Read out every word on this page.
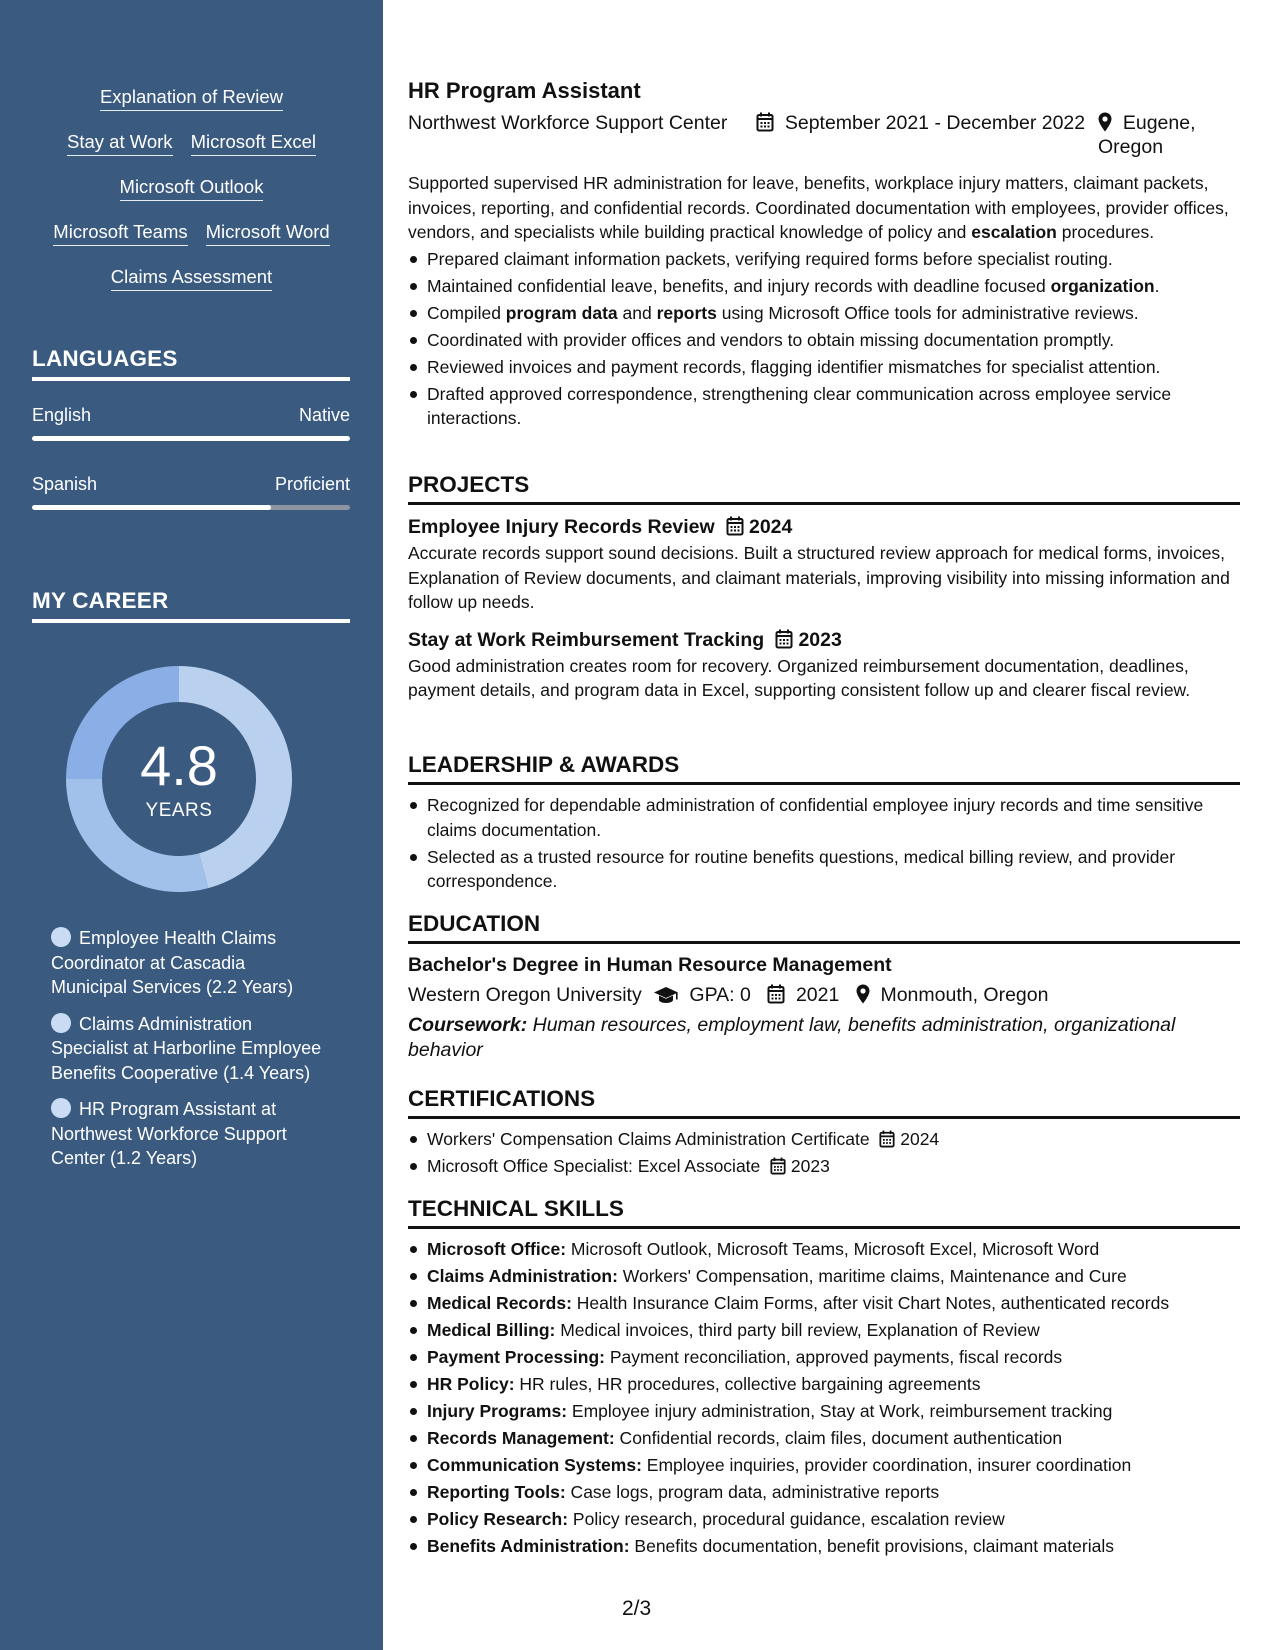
Explanation of Review
Stay at Work Microsoft Excel
Microsoft Outlook
Microsoft Teams Microsoft Word
Claims Assessment
LANGUAGES
English	Native
Spanish	Proficient
MY CAREER
4.8
YEARS
Employee Health Claims Coordinator at Cascadia Municipal Services (2.2 Years)
Claims Administration Specialist at Harborline Employee Benefits Cooperative (1.4 Years)
HR Program Assistant at Northwest Workforce Support Center (1.2 Years)
HR Program Assistant
Northwest Workforce Support Center	September 2021 - December 2022	Eugene, Oregon

Supported supervised HR administration for leave, benefits, workplace injury matters, claimant packets, invoices, reporting, and confidential records. Coordinated documentation with employees, provider offices, vendors, and specialists while building practical knowledge of policy and escalation procedures.

Prepared claimant information packets, verifying required forms before specialist routing.
Maintained confidential leave, benefits, and injury records with deadline focused organization.
Compiled program data and reports using Microsoft Office tools for administrative reviews.
Coordinated with provider offices and vendors to obtain missing documentation promptly.
Reviewed invoices and payment records, flagging identifier mismatches for specialist attention.
Drafted approved correspondence, strengthening clear communication across employee service interactions.
PROJECTS
Employee Injury Records Review 2024

Accurate records support sound decisions. Built a structured review approach for medical forms, invoices, Explanation of Review documents, and claimant materials, improving visibility into missing information and follow up needs.

Stay at Work Reimbursement Tracking 2023

Good administration creates room for recovery. Organized reimbursement documentation, deadlines, payment details, and program data in Excel, supporting consistent follow up and clearer fiscal review.

LEADERSHIP & AWARDS
Recognized for dependable administration of confidential employee injury records and time sensitive claims documentation.
Selected as a trusted resource for routine benefits questions, medical billing review, and provider correspondence.
EDUCATION
Bachelor's Degree in Human Resource Management
Western Oregon University GPA: 0 2021 Monmouth, Oregon

Coursework: Human resources, employment law, benefits administration, organizational behavior

CERTIFICATIONS
Workers' Compensation Claims Administration Certificate 2024
Microsoft Office Specialist: Excel Associate 2023
TECHNICAL SKILLS
Microsoft Office: Microsoft Outlook, Microsoft Teams, Microsoft Excel, Microsoft Word
Claims Administration: Workers' Compensation, maritime claims, Maintenance and Cure
Medical Records: Health Insurance Claim Forms, after visit Chart Notes, authenticated records
Medical Billing: Medical invoices, third party bill review, Explanation of Review
Payment Processing: Payment reconciliation, approved payments, fiscal records
HR Policy: HR rules, HR procedures, collective bargaining agreements
Injury Programs: Employee injury administration, Stay at Work, reimbursement tracking
Records Management: Confidential records, claim files, document authentication
Communication Systems: Employee inquiries, provider coordination, insurer coordination
Reporting Tools: Case logs, program data, administrative reports
Policy Research: Policy research, procedural guidance, escalation review
Benefits Administration: Benefits documentation, benefit provisions, claimant materials
2/3
